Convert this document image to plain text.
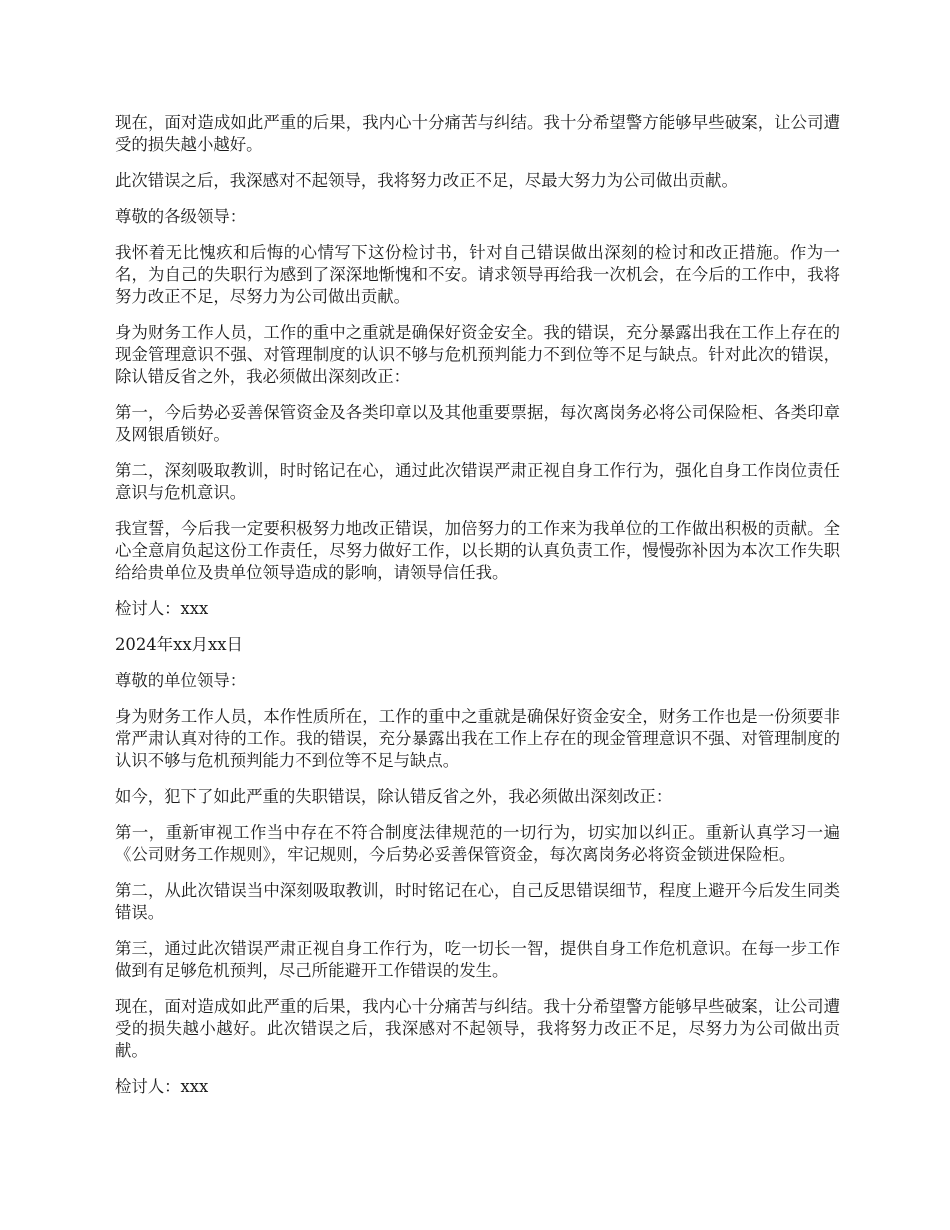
现在，面对造成如此严重的后果，我内心十分痛苦与纠结。我十分希望警方能够早些破案，让公司遭受的损失越小越好。

此次错误之后，我深感对不起领导，我将努力改正不足，尽最大努力为公司做出贡献。

尊敬的各级领导：

我怀着无比愧疚和后悔的心情写下这份检讨书，针对自己错误做出深刻的检讨和改正措施。作为一名，为自己的失职行为感到了深深地惭愧和不安。请求领导再给我一次机会，在今后的工作中，我将努力改正不足，尽努力为公司做出贡献。

身为财务工作人员，工作的重中之重就是确保好资金安全。我的错误，充分暴露出我在工作上存在的现金管理意识不强、对管理制度的认识不够与危机预判能力不到位等不足与缺点。针对此次的错误，除认错反省之外，我必须做出深刻改正：

第一，今后势必妥善保管资金及各类印章以及其他重要票据，每次离岗务必将公司保险柜、各类印章及网银盾锁好。

第二，深刻吸取教训，时时铭记在心，通过此次错误严肃正视自身工作行为，强化自身工作岗位责任意识与危机意识。

我宣誓，今后我一定要积极努力地改正错误，加倍努力的工作来为我单位的工作做出积极的贡献。全心全意肩负起这份工作责任，尽努力做好工作，以长期的认真负责工作，慢慢弥补因为本次工作失职给给贵单位及贵单位领导造成的影响，请领导信任我。

检讨人：xxx

2024年xx月xx日

尊敬的单位领导：

身为财务工作人员，本作性质所在，工作的重中之重就是确保好资金安全，财务工作也是一份须要非常严肃认真对待的工作。我的错误，充分暴露出我在工作上存在的现金管理意识不强、对管理制度的认识不够与危机预判能力不到位等不足与缺点。

如今，犯下了如此严重的失职错误，除认错反省之外，我必须做出深刻改正：

第一，重新审视工作当中存在不符合制度法律规范的一切行为，切实加以纠正。重新认真学习一遍《公司财务工作规则》，牢记规则，今后势必妥善保管资金，每次离岗务必将资金锁进保险柜。

第二，从此次错误当中深刻吸取教训，时时铭记在心，自己反思错误细节，程度上避开今后发生同类错误。

第三，通过此次错误严肃正视自身工作行为，吃一切长一智，提供自身工作危机意识。在每一步工作做到有足够危机预判，尽己所能避开工作错误的发生。

现在，面对造成如此严重的后果，我内心十分痛苦与纠结。我十分希望警方能够早些破案，让公司遭受的损失越小越好。此次错误之后，我深感对不起领导，我将努力改正不足，尽努力为公司做出贡献。

检讨人：xxx
